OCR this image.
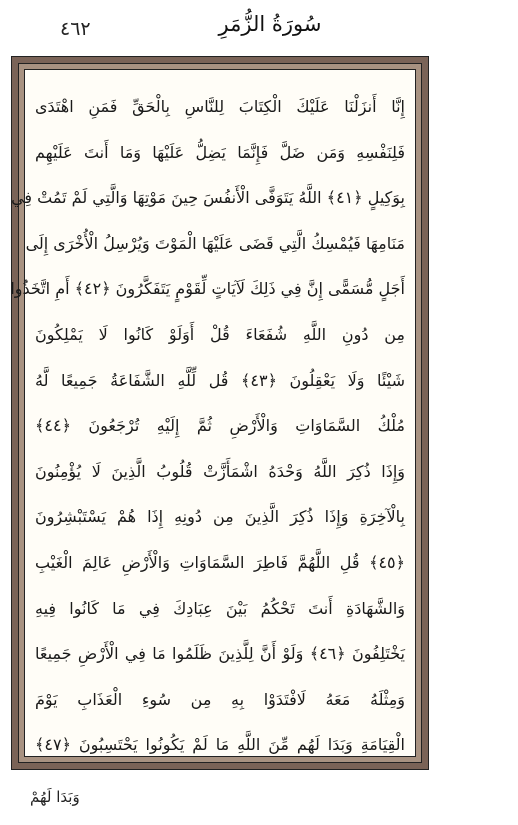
٤٦٢	سُورَةُ الزُّمَرِ
إِنَّا أَنزَلْنَا عَلَيْكَ الْكِتَابَ لِلنَّاسِ بِالْحَقِّ فَمَنِ اهْتَدَى
فَلِنَفْسِهِ وَمَن ضَلَّ فَإِنَّمَا يَضِلُّ عَلَيْهَا وَمَا أَنتَ عَلَيْهِم
بِوَكِيلٍ ﴿٤١﴾ اللَّهُ يَتَوَفَّى الْأَنفُسَ حِينَ مَوْتِهَا وَالَّتِي لَمْ تَمُتْ فِي
مَنَامِهَا فَيُمْسِكُ الَّتِي قَضَى عَلَيْهَا الْمَوْتَ وَيُرْسِلُ الْأُخْرَى إِلَى
أَجَلٍ مُّسَمًّى إِنَّ فِي ذَلِكَ لَآيَاتٍ لِّقَوْمٍ يَتَفَكَّرُونَ ﴿٤٢﴾ أَمِ اتَّخَذُوا
مِن دُونِ اللَّهِ شُفَعَاءَ قُلْ أَوَلَوْ كَانُوا لَا يَمْلِكُونَ
شَيْئًا وَلَا يَعْقِلُونَ ﴿٤٣﴾ قُل لِّلَّهِ الشَّفَاعَةُ جَمِيعًا لَّهُ
مُلْكُ السَّمَاوَاتِ وَالْأَرْضِ ثُمَّ إِلَيْهِ تُرْجَعُونَ ﴿٤٤﴾
وَإِذَا ذُكِرَ اللَّهُ وَحْدَهُ اشْمَأَزَّتْ قُلُوبُ الَّذِينَ لَا يُؤْمِنُونَ
بِالْآخِرَةِ وَإِذَا ذُكِرَ الَّذِينَ مِن دُونِهِ إِذَا هُمْ يَسْتَبْشِرُونَ
﴿٤٥﴾ قُلِ اللَّهُمَّ فَاطِرَ السَّمَاوَاتِ وَالْأَرْضِ عَالِمَ الْغَيْبِ
وَالشَّهَادَةِ أَنتَ تَحْكُمُ بَيْنَ عِبَادِكَ فِي مَا كَانُوا فِيهِ
يَخْتَلِفُونَ ﴿٤٦﴾ وَلَوْ أَنَّ لِلَّذِينَ ظَلَمُوا مَا فِي الْأَرْضِ جَمِيعًا
وَمِثْلَهُ مَعَهُ لَافْتَدَوْا بِهِ مِن سُوءِ الْعَذَابِ يَوْمَ
الْقِيَامَةِ وَبَدَا لَهُم مِّنَ اللَّهِ مَا لَمْ يَكُونُوا يَحْتَسِبُونَ ﴿٤٧﴾
وَبَدَا لَهُمْ
